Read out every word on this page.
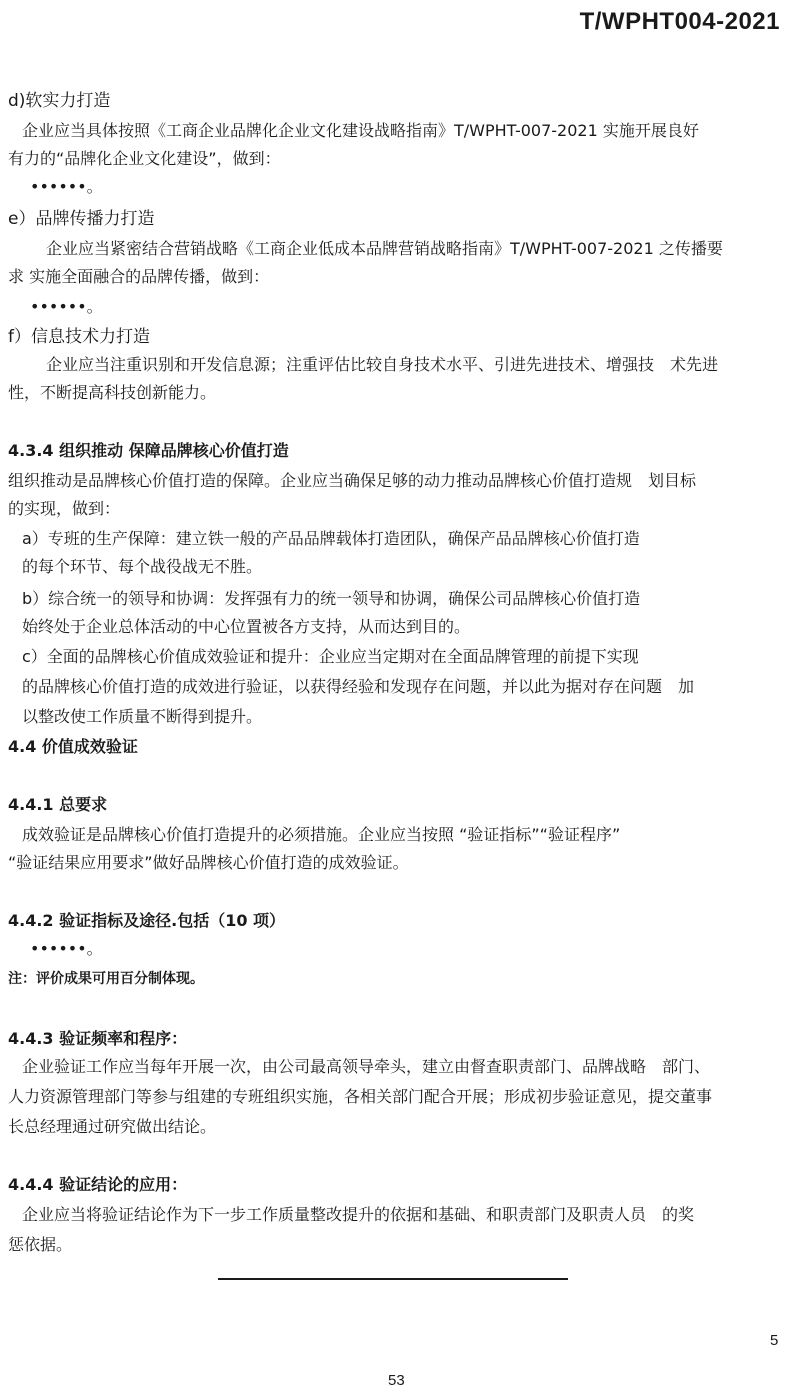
T/WPHT004-2021
d)软实力打造
企业应当具体按照《工商企业品牌化企业文化建设战略指南》T/WPHT-007-2021 实施开展良好
有力的“品牌化企业文化建设”，做到：
••••••。
e）品牌传播力打造
企业应当紧密结合营销战略《工商企业低成本品牌营销战略指南》T/WPHT-007-2021 之传播要
求 实施全面融合的品牌传播，做到：
••••••。
f）信息技术力打造
企业应当注重识别和开发信息源；注重评估比较自身技术水平、引进先进技术、增强技　术先进
性，不断提高科技创新能力。
4.3.4 组织推动 保障品牌核心价值打造
组织推动是品牌核心价值打造的保障。企业应当确保足够的动力推动品牌核心价值打造规　划目标
的实现，做到：
a）专班的生产保障：建立铁一般的产品品牌载体打造团队，确保产品品牌核心价值打造
的每个环节、每个战役战无不胜。
b）综合统一的领导和协调：发挥强有力的统一领导和协调，确保公司品牌核心价值打造
始终处于企业总体活动的中心位置被各方支持，从而达到目的。
c）全面的品牌核心价值成效验证和提升：企业应当定期对在全面品牌管理的前提下实现
的品牌核心价值打造的成效进行验证，以获得经验和发现存在问题，并以此为据对存在问题　加
以整改使工作质量不断得到提升。
4.4 价值成效验证
4.4.1 总要求
成效验证是品牌核心价值打造提升的必须措施。企业应当按照 “验证指标”“验证程序”
“验证结果应用要求”做好品牌核心价值打造的成效验证。
4.4.2 验证指标及途径.包括（10 项）
••••••。
注：评价成果可用百分制体现。
4.4.3 验证频率和程序：
企业验证工作应当每年开展一次，由公司最高领导牵头，建立由督查职责部门、品牌战略　部门、
人力资源管理部门等参与组建的专班组织实施，各相关部门配合开展；形成初步验证意见，提交董事
长总经理通过研究做出结论。
4.4.4 验证结论的应用：
企业应当将验证结论作为下一步工作质量整改提升的依据和基础、和职责部门及职责人员　的奖
惩依据。
5
53
